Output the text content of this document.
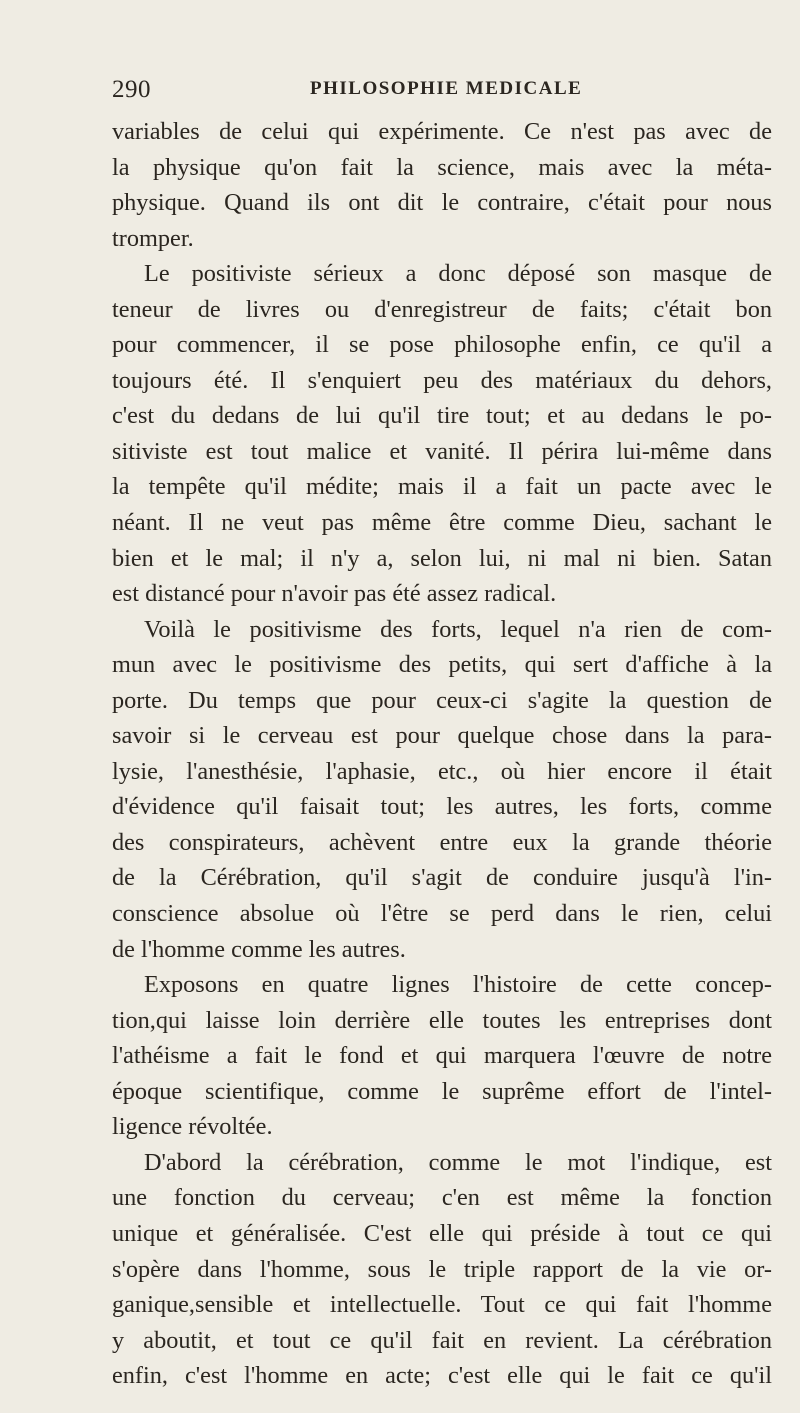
290	PHILOSOPHIE MEDICALE
variables de celui qui expérimente. Ce n'est pas avec de
la physique qu'on fait la science, mais avec la méta-
physique. Quand ils ont dit le contraire, c'était pour nous
tromper.
Le positiviste sérieux a donc déposé son masque de
teneur de livres ou d'enregistreur de faits; c'était bon
pour commencer, il se pose philosophe enfin, ce qu'il a
toujours été. Il s'enquiert peu des matériaux du dehors,
c'est du dedans de lui qu'il tire tout; et au dedans le po-
sitiviste est tout malice et vanité. Il périra lui-même dans
la tempête qu'il médite; mais il a fait un pacte avec le
néant. Il ne veut pas même être comme Dieu, sachant le
bien et le mal; il n'y a, selon lui, ni mal ni bien. Satan
est distancé pour n'avoir pas été assez radical.
Voilà le positivisme des forts, lequel n'a rien de com-
mun avec le positivisme des petits, qui sert d'affiche à la
porte. Du temps que pour ceux-ci s'agite la question de
savoir si le cerveau est pour quelque chose dans la para-
lysie, l'anesthésie, l'aphasie, etc., où hier encore il était
d'évidence qu'il faisait tout; les autres, les forts, comme
des conspirateurs, achèvent entre eux la grande théorie
de la Cérébration, qu'il s'agit de conduire jusqu'à l'in-
conscience absolue où l'être se perd dans le rien, celui
de l'homme comme les autres.
Exposons en quatre lignes l'histoire de cette concep-
tion,qui laisse loin derrière elle toutes les entreprises dont
l'athéisme a fait le fond et qui marquera l'œuvre de notre
époque scientifique, comme le suprême effort de l'intel-
ligence révoltée.
D'abord la cérébration, comme le mot l'indique, est
une fonction du cerveau; c'en est même la fonction
unique et généralisée. C'est elle qui préside à tout ce qui
s'opère dans l'homme, sous le triple rapport de la vie or-
ganique,sensible et intellectuelle. Tout ce qui fait l'homme
y aboutit, et tout ce qu'il fait en revient. La cérébration
enfin, c'est l'homme en acte; c'est elle qui le fait ce qu'il
